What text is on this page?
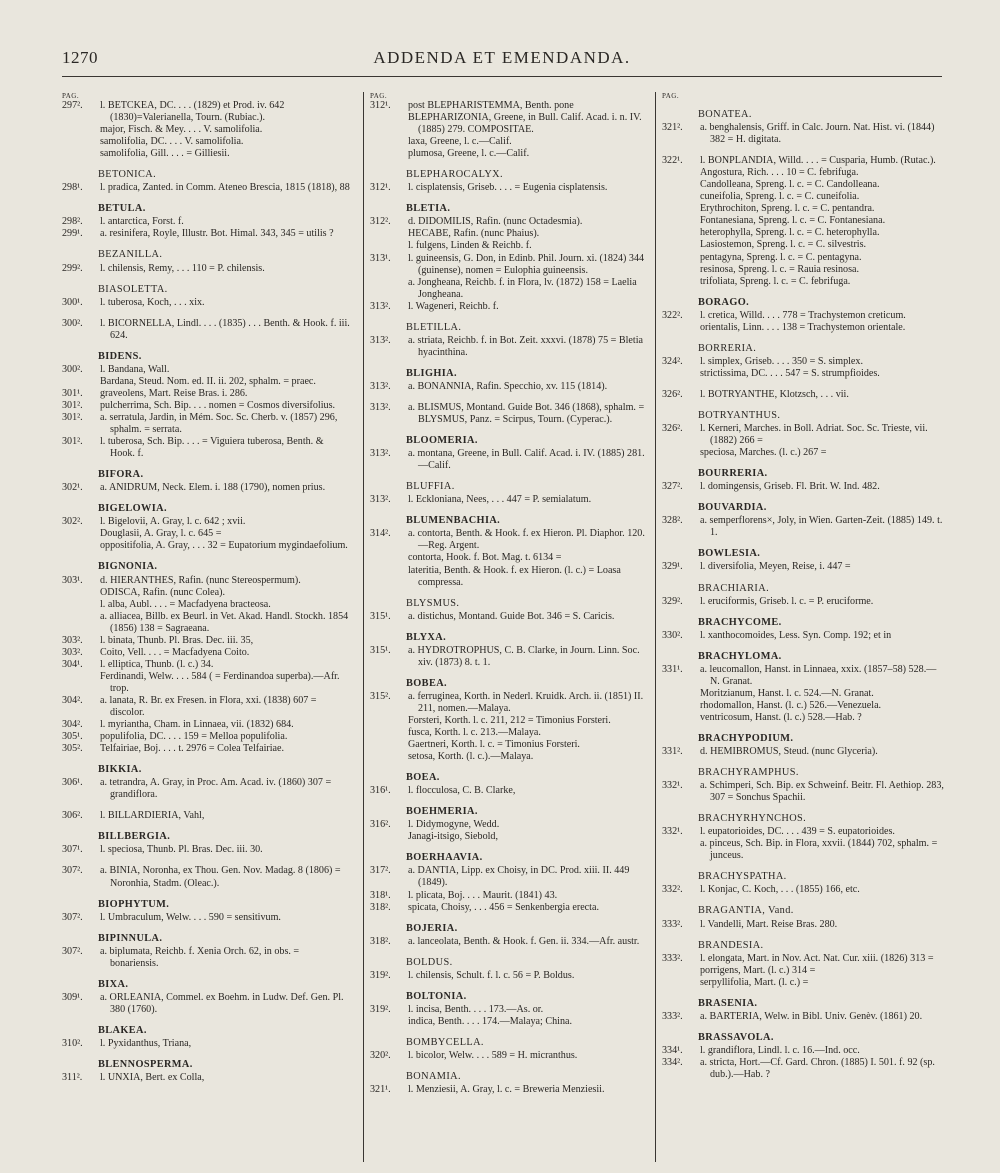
1270	ADDENDA ET EMENDANDA.
PAG.
297².	l. BETCKEA, DC. . . . (1829) et Prod. iv. 642 (1830)=Valerianella, Tourn. (Rubiac.).
major, Fisch. & Mey. . . . V. samolifolia.
samolifolia, DC. . . . V. samolifolia.
samolifolia, Gill. . . . = Gilliesii.
BETONICA.
298¹.	l. pradica, Zanted. in Comm. Ateneo Brescia, 1815 (1818), 88
BETULA.
298².	l. antarctica, Forst. f.
299¹.	a. resinifera, Royle, Illustr. Bot. Himal. 343, 345 = utilis ?
BEZANILLA.
299².	l. chilensis, Remy, . . . 110 = P. chilensis.
BIASOLETTA.
300¹.	l. tuberosa, Koch, . . . xix.
300².	l. BICORNELLA, Lindl. . . . (1835) . . . Benth. & Hook. f. iii. 624.
BIDENS.
300².	l. Bandana, Wall.
Bardana, Steud. Nom. ed. II. ii. 202, sphalm. = praec.
301¹.	graveolens, Mart. Reise Bras. i. 286.
301².	pulcherrima, Sch. Bip. . . . nomen = Cosmos diversifolius.
301².	a. serratula, Jardin, in Mém. Soc. Sc. Cherb. v. (1857) 296, sphalm. = serrata.
301².	l. tuberosa, Sch. Bip. . . . = Viguiera tuberosa, Benth. & Hook. f.
BIFORA.
302¹.	a. ANIDRUM, Neck. Elem. i. 188 (1790), nomen prius.
BIGELOWIA.
302².	l. Bigelovii, A. Gray, l. c. 642 ; xvii.
Douglasii, A. Gray, l. c. 645 =
oppositifolia, A. Gray, . . . 32 = Eupatorium mygindaefolium.
BIGNONIA.
303¹.	d. HIERANTHES, Rafin. (nunc Stereospermum).
ODISCA, Rafin. (nunc Colea).
l. alba, Aubl. . . . = Macfadyena bracteosa.
a. alliacea, Billb. ex Beurl. in Vet. Akad. Handl. Stockh. 1854 (1856) 138 = Sagraeana.
303².	l. binata, Thunb. Pl. Bras. Dec. iii. 35,
303².	Coito, Vell. . . . = Macfadyena Coito.
304¹.	l. elliptica, Thunb. (l. c.) 34.
Ferdinandi, Welw. . . . 584 ( = Ferdinandoa superba).—Afr. trop.
304².	a. lanata, R. Br. ex Fresen. in Flora, xxi. (1838) 607 = discolor.
304².	l. myriantha, Cham. in Linnaea, vii. (1832) 684.
305¹.	populifolia, DC. . . . 159 = Melloa populifolia.
305².	Telfairiae, Boj. . . . t. 2976 = Colea Telfairiae.
BIKKIA.
306¹.	a. tetrandra, A. Gray, in Proc. Am. Acad. iv. (1860) 307 = grandiflora.
306².	l. BILLARDIERIA, Vahl,
BILLBERGIA.
307¹.	l. speciosa, Thunb. Pl. Bras. Dec. iii. 30.
307².	a. BINIA, Noronha, ex Thou. Gen. Nov. Madag. 8 (1806) = Noronhia, Stadm. (Oleac.).
BIOPHYTUM.
307².	l. Umbraculum, Welw. . . . 590 = sensitivum.
BIPINNULA.
307².	a. biplumata, Reichb. f. Xenia Orch. 62, in obs. = bonariensis.
BIXA.
309¹.	a. ORLEANIA, Commel. ex Boehm. in Ludw. Def. Gen. Pl. 380 (1760).
BLAKEA.
310².	l. Pyxidanthus, Triana,
BLENNOSPERMA.
311².	l. UNXIA, Bert. ex Colla,
PAG.
312¹.	post BLEPHARISTEMMA, Benth. pone
BLEPHARIZONIA, Greene, in Bull. Calif. Acad. i. n. IV. (1885) 279. COMPOSITAE.
laxa, Greene, l. c.—Calif.
plumosa, Greene, l. c.—Calif.
BLEPHAROCALYX.
312¹.	l. cisplatensis, Griseb. . . . = Eugenia cisplatensis.
BLETIA.
312².	d. DIDOMILIS, Rafin. (nunc Octadesmia).
HECABE, Rafin. (nunc Phaius).
l. fulgens, Linden & Reichb. f.
313¹.	l. guineensis, G. Don, in Edinb. Phil. Journ. xi. (1824) 344 (guinense), nomen = Eulophia guineensis.
a. Jongheana, Reichb. f. in Flora, lv. (1872) 158 = Laelia Jongheana.
313².	l. Wageneri, Reichb. f.
BLETILLA.
313².	a. striata, Reichb. f. in Bot. Zeit. xxxvi. (1878) 75 = Bletia hyacinthina.
BLIGHIA.
313².	a. BONANNIA, Rafin. Specchio, xv. 115 (1814).
313².	a. BLISMUS, Montand. Guide Bot. 346 (1868), sphalm. = BLYSMUS, Panz. = Scirpus, Tourn. (Cyperac.).
BLOOMERIA.
313².	a. montana, Greene, in Bull. Calif. Acad. i. IV. (1885) 281.—Calif.
BLUFFIA.
313².	l. Eckloniana, Nees, . . . 447 = P. semialatum.
BLUMENBACHIA.
314².	a. contorta, Benth. & Hook. f. ex Hieron. Pl. Diaphor. 120.—Reg. Argent.
contorta, Hook. f. Bot. Mag. t. 6134 =
lateritia, Benth. & Hook. f. ex Hieron. (l. c.) = Loasa compressa.
BLYSMUS.
315¹.	a. distichus, Montand. Guide Bot. 346 = S. Caricis.
BLYXA.
315¹.	a. HYDROTROPHUS, C. B. Clarke, in Journ. Linn. Soc. xiv. (1873) 8. t. 1.
BOBEA.
315².	a. ferruginea, Korth. in Nederl. Kruidk. Arch. ii. (1851) II. 211, nomen.—Malaya.
Forsteri, Korth. l. c. 211, 212 = Timonius Forsteri.
fusca, Korth. l. c. 213.—Malaya.
Gaertneri, Korth. l. c. = Timonius Forsteri.
setosa, Korth. (l. c.).—Malaya.
BOEA.
316¹.	l. flocculosa, C. B. Clarke,
BOEHMERIA.
316².	l. Didymogyne, Wedd.
Janagi-itsigo, Siebold,
BOERHAAVIA.
317².	a. DANTIA, Lipp. ex Choisy, in DC. Prod. xiii. II. 449 (1849).
318¹.	l. plicata, Boj. . . . Maurit. (1841) 43.
318².	spicata, Choisy, . . . 456 = Senkenbergia erecta.
BOJERIA.
318².	a. lanceolata, Benth. & Hook. f. Gen. ii. 334.—Afr. austr.
BOLDUS.
319².	l. chilensis, Schult. f. l. c. 56 = P. Boldus.
BOLTONIA.
319².	l. incisa, Benth. . . . 173.—As. or.
indica, Benth. . . . 174.—Malaya; China.
BOMBYCELLA.
320².	l. bicolor, Welw. . . . 589 = H. micranthus.
BONAMIA.
321¹.	l. Menziesii, A. Gray, l. c. = Breweria Menziesii.
PAG.
BONATEA.
321².	a. benghalensis, Griff. in Calc. Journ. Nat. Hist. vi. (1844) 382 = H. digitata.
322¹.	l. BONPLANDIA, Willd. . . . = Cusparia, Humb. (Rutac.).
Angostura, Rich. . . . 10 = C. febrifuga.
Candolleana, Spreng. l. c. = C. Candolleana.
cuneifolia, Spreng. l. c. = C. cuneifolia.
Erythrochiton, Spreng. l. c. = C. pentandra.
Fontanesiana, Spreng. l. c. = C. Fontanesiana.
heterophylla, Spreng. l. c. = C. heterophylla.
Lasiostemon, Spreng. l. c. = C. silvestris.
pentagyna, Spreng. l. c. = C. pentagyna.
resinosa, Spreng. l. c. = Rauia resinosa.
trifoliata, Spreng. l. c. = C. febrifuga.
BORAGO.
322².	l. cretica, Willd. . . . 778 = Trachystemon creticum.
orientalis, Linn. . . . 138 = Trachystemon orientale.
BORRERIA.
324².	l. simplex, Griseb. . . . 350 = S. simplex.
strictissima, DC. . . . 547 = S. strumpfioides.
326².	l. BOTRYANTHE, Klotzsch, . . . vii.
BOTRYANTHUS.
326².	l. Kerneri, Marches. in Boll. Adriat. Soc. Sc. Trieste, vii. (1882) 266 =
speciosa, Marches. (l. c.) 267 =
BOURRERIA.
327².	l. domingensis, Griseb. Fl. Brit. W. Ind. 482.
BOUVARDIA.
328².	a. semperflorens×, Joly, in Wien. Garten-Zeit. (1885) 149. t. 1.
BOWLESIA.
329¹.	l. diversifolia, Meyen, Reise, i. 447 =
BRACHIARIA.
329².	l. eruciformis, Griseb. l. c. = P. eruciforme.
BRACHYCOME.
330².	l. xanthocomoides, Less. Syn. Comp. 192; et in
BRACHYLOMA.
331¹.	a. leucomallon, Hanst. in Linnaea, xxix. (1857–58) 528.—N. Granat.
Moritzianum, Hanst. l. c. 524.—N. Granat.
rhodomallon, Hanst. (l. c.) 526.—Venezuela.
ventricosum, Hanst. (l. c.) 528.—Hab. ?
BRACHYPODIUM.
331².	d. HEMIBROMUS, Steud. (nunc Glyceria).
BRACHYRAMPHUS.
332¹.	a. Schimperi, Sch. Bip. ex Schweinf. Beitr. Fl. Aethiop. 283, 307 = Sonchus Spachii.
BRACHYRHYNCHOS.
332¹.	l. eupatorioides, DC. . . . 439 = S. eupatorioides.
a. pinceus, Sch. Bip. in Flora, xxvii. (1844) 702, sphalm. = junceus.
BRACHYSPATHA.
332².	l. Konjac, C. Koch, . . . (1855) 166, etc.
BRAGANTIA, Vand.
333².	l. Vandelli, Mart. Reise Bras. 280.
BRANDESIA.
333².	l. elongata, Mart. in Nov. Act. Nat. Cur. xiii. (1826) 313 =
porrigens, Mart. (l. c.) 314 =
serpyllifolia, Mart. (l. c.) =
BRASENIA.
333².	a. BARTERIA, Welw. in Bibl. Univ. Genèv. (1861) 20.
BRASSAVOLA.
334¹.	l. grandiflora, Lindl. l. c. 16.—Ind. occ.
334².	a. stricta, Hort.—Cf. Gard. Chron. (1885) I. 501. f. 92 (sp. dub.).—Hab. ?
